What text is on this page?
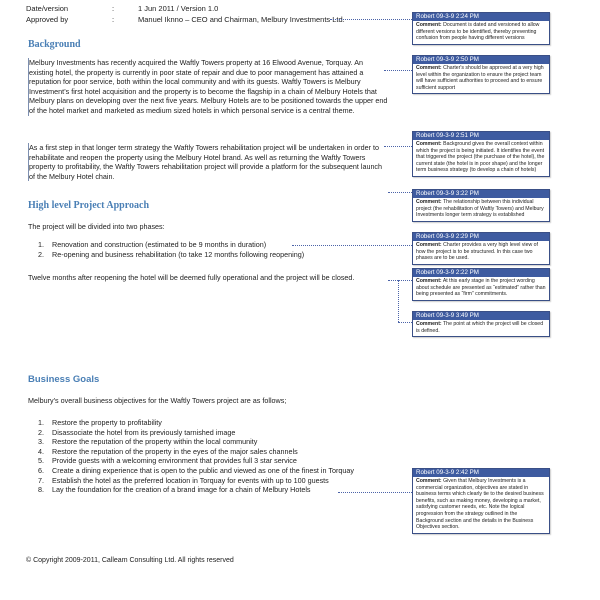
Date/version	:	1 Jun 2011 / Version 1.0
Approved by	:	Manuel Iknno – CEO and Chairman, Melbury Investments Ltd.
Background

Melbury Investments has recently acquired the Waftly Towers property at 16 Elwood Avenue, Torquay. An existing hotel, the property is currently in poor state of repair and due to poor management has attained a reputation for poor service, both within the local community and with its guests. Waftly Towers is Melbury Investment’s first hotel acquisition and the property is to become the flagship in a chain of Melbury Hotels that Melbury plans on developing over the next five years. Melbury Hotels are to be positioned towards the upper end of the hotel market and marketed as medium sized hotels in which personal service is a central theme.

As a first step in that longer term strategy the Waftly Towers rehabilitation project will be undertaken in order to rehabilitate and reopen the property using the Melbury Hotel brand. As well as returning the Waftly Towers property to profitability, the Waftly Towers rehabilitation project will provide a platform for the subsequent launch of the Melbury Hotel chain.

High level Project Approach

The project will be divided into two phases:

1. Renovation and construction (estimated to be 9 months in duration)
2. Re-opening and business rehabilitation (to take 12 months following reopening)

Twelve months after reopening the hotel will be deemed fully operational and the project will be closed.

Business Goals

Melbury’s overall business objectives for the Waftly Towers project are as follows;

1. Restore the property to profitability
2. Disassociate the hotel from its previously tarnished image
3. Restore the reputation of the property within the local community
4. Restore the reputation of the property in the eyes of the major sales channels
5. Provide guests with a welcoming environment that provides full 3 star service
6. Create a dining experience that is open to the public and viewed as one of the finest in Torquay
7. Establish the hotel as the preferred location in Torquay for events with up to 100 guests
8. Lay the foundation for the creation of a brand image for a chain of Melbury Hotels
© Copyright 2009-2011, Calleam Consulting Ltd. All rights reserved
Robert 09-3-9 2:24 PM
Comment: Document is dated and versioned to allow different versions to be identified, thereby preventing confusion from people having different versions
Robert 09-3-9 2:50 PM
Comment: Charter's should be approved at a very high level within the organization to ensure the project team will have sufficient authorities to proceed and to ensure sufficient support
Robert 09-3-9 2:51 PM
Comment: Background gives the overall context within which the project is being initiated. It identifies the event that triggered the project (the purchase of the hotel), the current state (the hotel is in poor shape) and the longer term business strategy (to develop a chain of hotels)
Robert 09-3-9 3:22 PM
Comment: The relationship between this individual project (the rehabilitation of Waftly Towers) and Melbury Investments longer term strategy is established
Robert 09-3-9 2:29 PM
Comment: Charter provides a very high level view of how the project is to be structured. In this case two phases are to be used.
Robert 09-3-9 2:22 PM
Comment: At this early stage in the project wording about schedule are presented as “estimated” rather than being presented as “firm” commitments.
Robert 09-3-9 3:49 PM
Comment: The point at which the project will be closed is defined.
Robert 09-3-9 2:42 PM
Comment: Given that Melbury Investments is a commercial organization, objectives are stated in business terms which clearly tie to the desired business benefits, such as making money, developing a market, satisfying customer needs, etc. Note the logical progression from the strategy outlined in the Background section and the details in the Business Objectives section.
